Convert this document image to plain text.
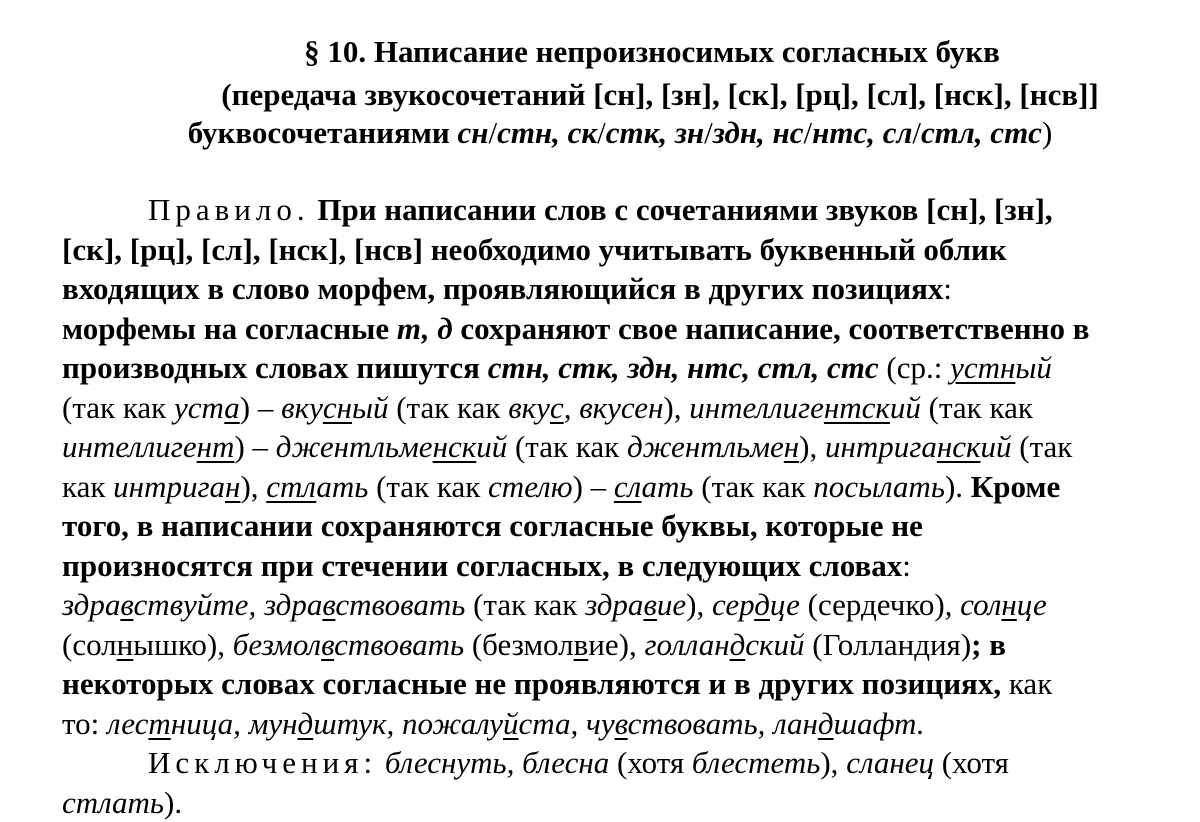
§ 10. Написание непроизносимых согласных букв
(передача звукосочетаний [сн], [зн], [ск], [рц], [сл], [нск], [нсв]]
буквосочетаниями сн/стн, ск/стк, зн/здн, нс/нтс, сл/стл, стс)
Правило. При написании слов с сочетаниями звуков [сн], [зн],
[ск], [рц], [сл], [нск], [нсв] необходимо учитывать буквенный облик
входящих в слово морфем, проявляющийся в других позициях:
морфемы на согласные т, д сохраняют свое написание, соответственно в
производных словах пишутся стн, стк, здн, нтс, стл, стс (ср.: устный
(так как уста) – вкусный (так как вкус, вкусен), интеллигентский (так как
интеллигент) – джентльменский (так как джентльмен), интриганский (так
как интриган), стлать (так как стелю) – слать (так как посылать). Кроме
того, в написании сохраняются согласные буквы, которые не
произносятся при стечении согласных, в следующих словах:
здравствуйте, здравствовать (так как здравие), сердце (сердечко), солнце
(солнышко), безмолвствовать (безмолвие), голландский (Голландия); в
некоторых словах согласные не проявляются и в других позициях, как
то: лестница, мундштук, пожалуйста, чувствовать, ландшафт.
Исключения: блеснуть, блесна (хотя блестеть), сланец (хотя
стлать).
